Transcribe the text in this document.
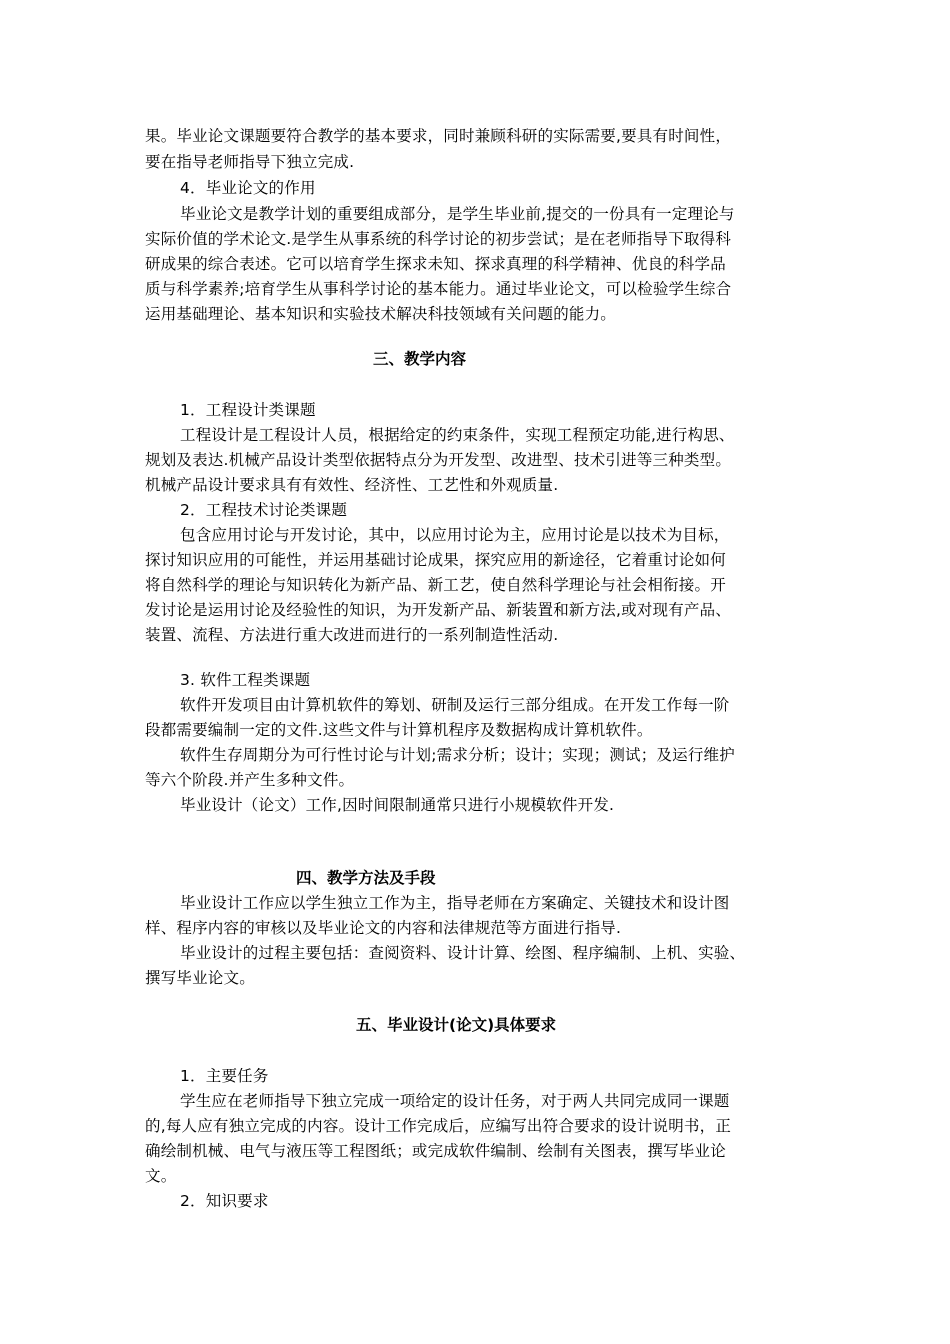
果。毕业论文课题要符合教学的基本要求，同时兼顾科研的实际需要,要具有时间性，
要在指导老师指导下独立完成.
4．毕业论文的作用
毕业论文是教学计划的重要组成部分，是学生毕业前,提交的一份具有一定理论与
实际价值的学术论文.是学生从事系统的科学讨论的初步尝试；是在老师指导下取得科
研成果的综合表述。它可以培育学生探求未知、探求真理的科学精神、优良的科学品
质与科学素养;培育学生从事科学讨论的基本能力。通过毕业论文，可以检验学生综合
运用基础理论、基本知识和实验技术解决科技领域有关问题的能力。
三、教学内容
1．工程设计类课题
工程设计是工程设计人员，根据给定的约束条件，实现工程预定功能,进行构思、
规划及表达.机械产品设计类型依据特点分为开发型、改进型、技术引进等三种类型。
机械产品设计要求具有有效性、经济性、工艺性和外观质量.
2．工程技术讨论类课题
包含应用讨论与开发讨论，其中，以应用讨论为主，应用讨论是以技术为目标，
探讨知识应用的可能性，并运用基础讨论成果，探究应用的新途径，它着重讨论如何
将自然科学的理论与知识转化为新产品、新工艺，使自然科学理论与社会相衔接。开
发讨论是运用讨论及经验性的知识，为开发新产品、新装置和新方法,或对现有产品、
装置、流程、方法进行重大改进而进行的一系列制造性活动.
3. 软件工程类课题
软件开发项目由计算机软件的筹划、研制及运行三部分组成。在开发工作每一阶
段都需要编制一定的文件.这些文件与计算机程序及数据构成计算机软件。
软件生存周期分为可行性讨论与计划;需求分析；设计；实现；测试；及运行维护
等六个阶段.并产生多种文件。
毕业设计（论文）工作,因时间限制通常只进行小规模软件开发.
四、教学方法及手段
毕业设计工作应以学生独立工作为主，指导老师在方案确定、关键技术和设计图
样、程序内容的审核以及毕业论文的内容和法律规范等方面进行指导.
毕业设计的过程主要包括：查阅资料、设计计算、绘图、程序编制、上机、实验、
撰写毕业论文。
五、毕业设计(论文)具体要求
1．主要任务
学生应在老师指导下独立完成一项给定的设计任务，对于两人共同完成同一课题
的,每人应有独立完成的内容。设计工作完成后，应编写出符合要求的设计说明书，正
确绘制机械、电气与液压等工程图纸；或完成软件编制、绘制有关图表，撰写毕业论
文。
2．知识要求
